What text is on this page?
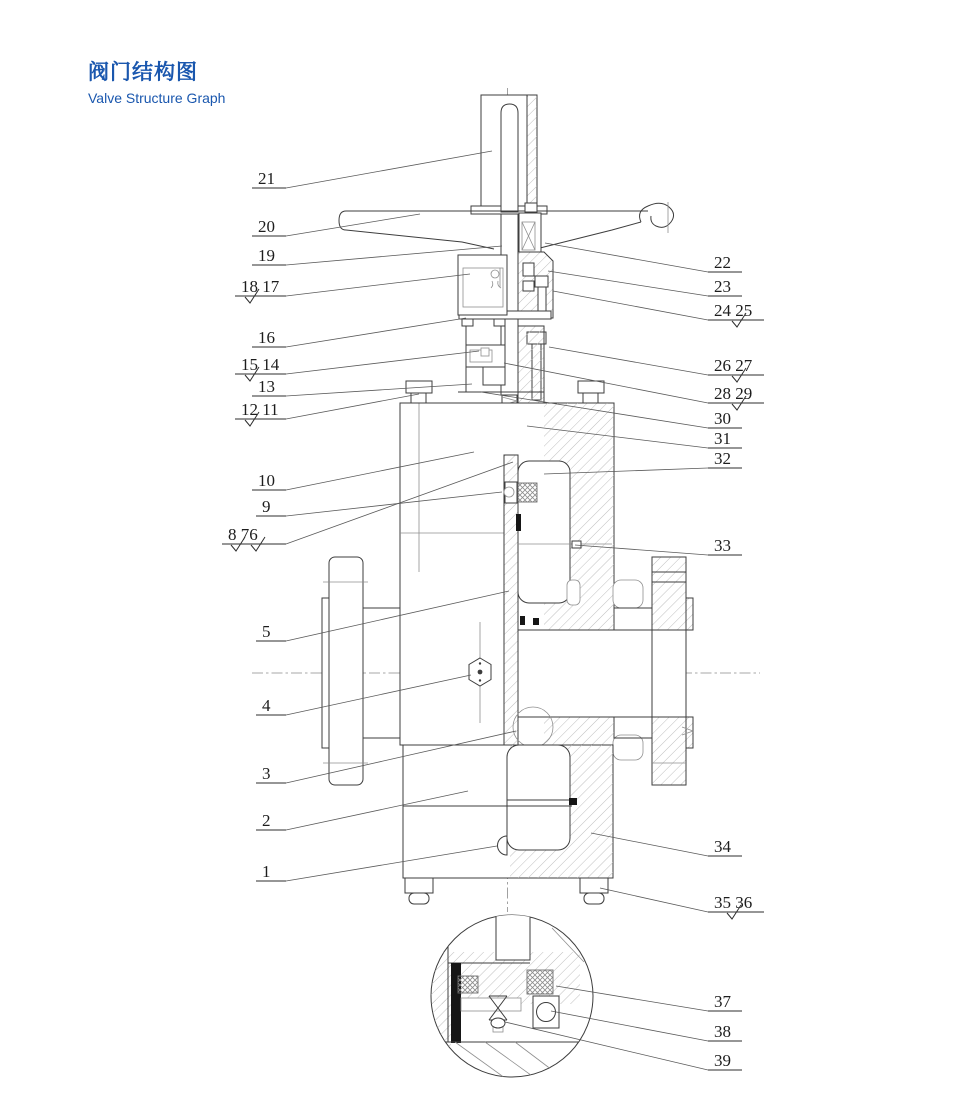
阀门结构图
Valve Structure Graph
21
20
19
18 17
16
15 14
13
12 11
10
9
8 76
5
4
3
2
1
22
23
24 25
26 27
28 29
30
31
32
33
34
35 36
37
38
39
